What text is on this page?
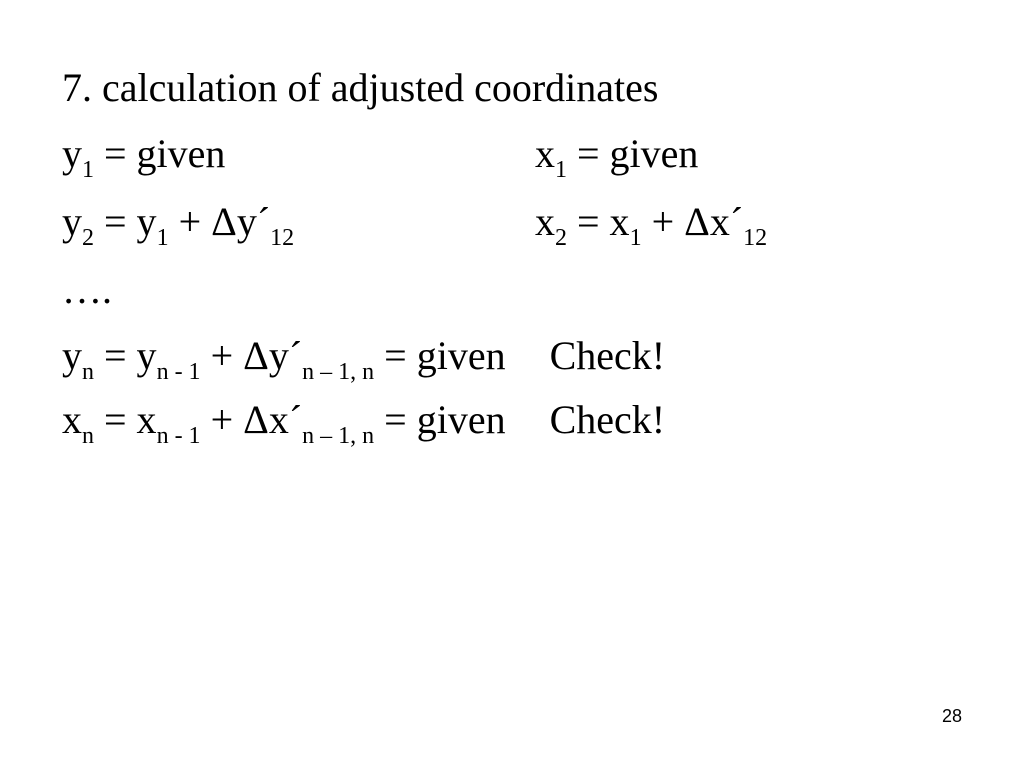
7. calculation of adjusted coordinates
$y_1$ = given	$x_1$ = given
$y_2 = y_1$ + $\Delta y´_{12}$	$x_2 = x_1$ + $\Delta x´_{12}$
….
$y_n = y_{n - 1}$ + $\Delta y´_{n - 1, n}$ = given Check!
$x_n = x_{n - 1}$ + $\Delta x´_{n - 1, n}$ = given Check!
28
